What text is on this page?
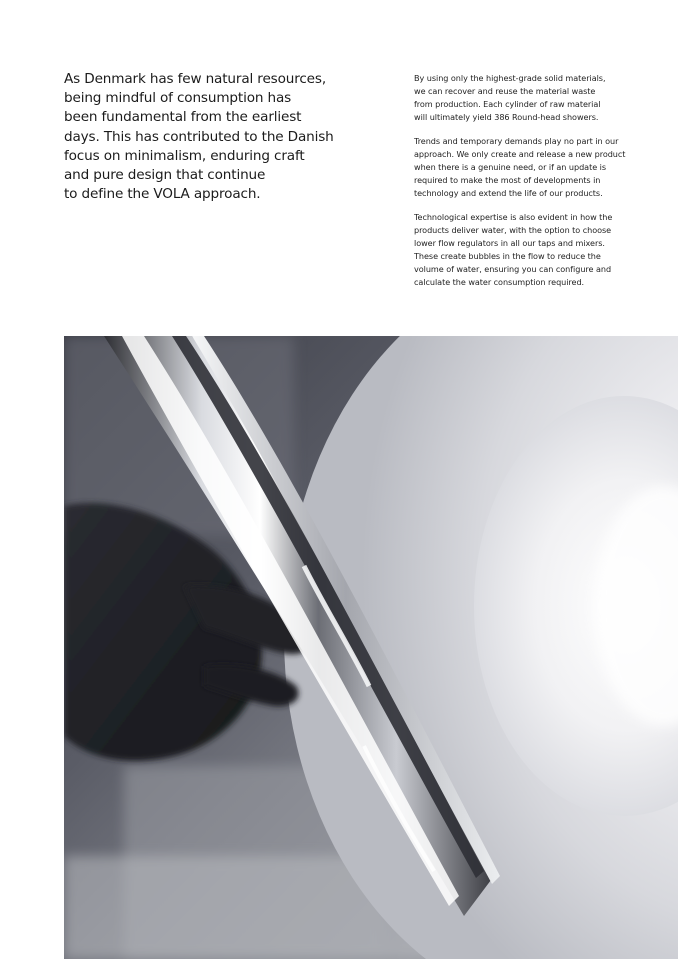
As Denmark has few natural resources,
being mindful of consumption has
been fundamental from the earliest
days. This has contributed to the Danish
focus on minimalism, enduring craft
and pure design that continue
to define the VOLA approach.

By using only the highest-grade solid materials,
we can recover and reuse the material waste
from production. Each cylinder of raw material
will ultimately yield 386 Round-head showers.

Trends and temporary demands play no part in our
approach. We only create and release a new product
when there is a genuine need, or if an update is
required to make the most of developments in
technology and extend the life of our products.

Technological expertise is also evident in how the
products deliver water, with the option to choose
lower flow regulators in all our taps and mixers.
These create bubbles in the flow to reduce the
volume of water, ensuring you can configure and
calculate the water consumption required.
